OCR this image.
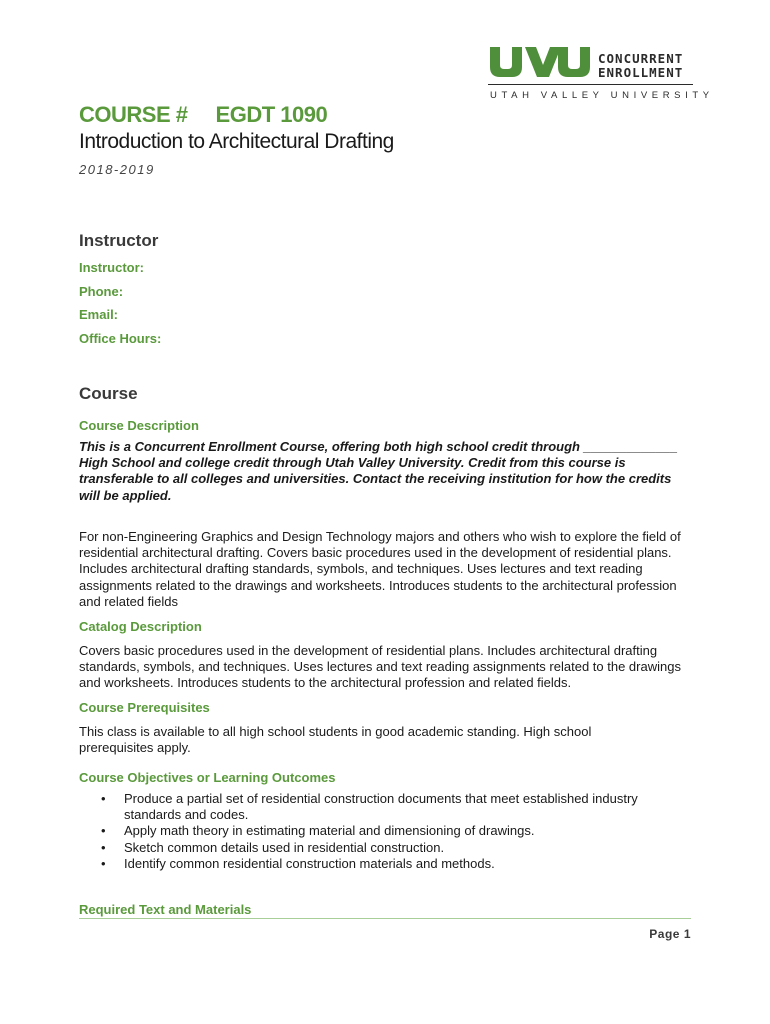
CONCURRENT
ENROLLMENT
UTAH VALLEY UNIVERSITY
COURSE #     EGDT 1090
Introduction to Architectural Drafting
2018-2019
Instructor
Instructor:
Phone:
Email:
Office Hours:
Course
Course Description
This is a Concurrent Enrollment Course, offering both high school credit through _____________ High School and college credit through Utah Valley University. Credit from this course is transferable to all colleges and universities. Contact the receiving institution for how the credits will be applied.
For non-Engineering Graphics and Design Technology majors and others who wish to explore the field of residential architectural drafting. Covers basic procedures used in the development of residential plans. Includes architectural drafting standards, symbols, and techniques. Uses lectures and text reading assignments related to the drawings and worksheets. Introduces students to the architectural profession and related fields
Catalog Description
Covers basic procedures used in the development of residential plans. Includes architectural drafting standards, symbols, and techniques. Uses lectures and text reading assignments related to the drawings and worksheets. Introduces students to the architectural profession and related fields.
Course Prerequisites
This class is available to all high school students in good academic standing. High school prerequisites apply.
Course Objectives or Learning Outcomes
• Produce a partial set of residential construction documents that meet established industry standards and codes.
• Apply math theory in estimating material and dimensioning of drawings.
• Sketch common details used in residential construction.
• Identify common residential construction materials and methods.
Required Text and Materials
Page 1
